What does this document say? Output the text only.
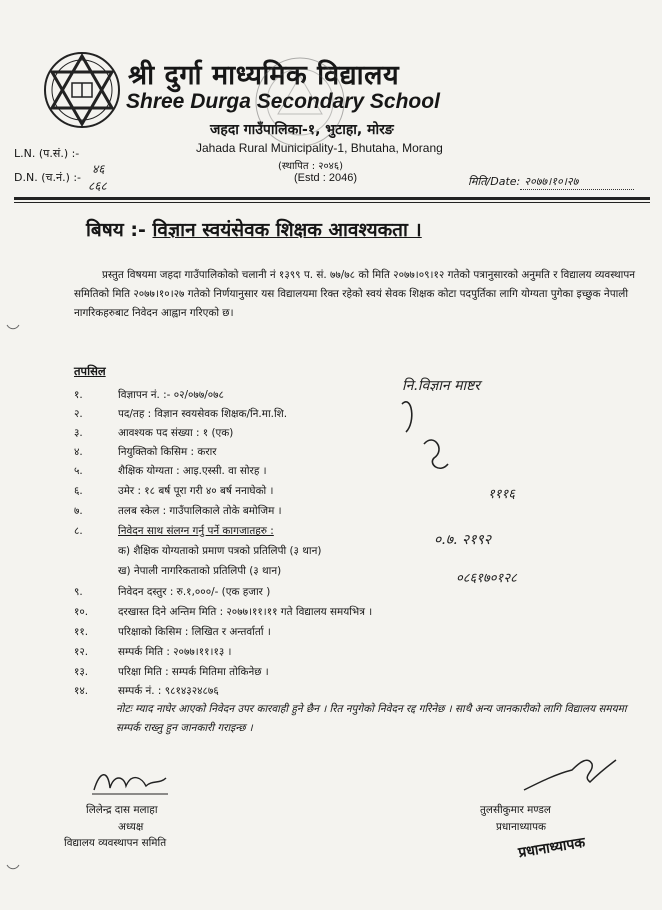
श्री दुर्गा माध्यमिक विद्यालय
Shree Durga Secondary School
जहदा गाउँपालिका-१, भुटाहा, मोरङ
Jahada Rural Municipality-1, Bhutaha, Morang
(स्थापित : २०४६)
(Estd : 2046)
L.N. (प.सं.) :-
D.N. (च.नं.) :-
४६
८६८	मिति/Date: २०७७।१०।२७
बिषय :- विज्ञान स्वयंसेवक शिक्षक आवश्यकता ।
प्रस्तुत विषयमा जहदा गाउँपालिकोको चलानी नं १३९९ प. सं. ७७/७८ को मिति २०७७।०९।१२ गतेको पत्रानुसारको अनुमति र विद्यालय व्यवस्थापन समितिको मिति २०७७।१०।२७ गतेको निर्णयानुसार यस विद्यालयमा रिक्त रहेको स्वयं सेवक शिक्षक कोटा पदपुर्तिका लागि योग्यता पुगेका इच्छुक नेपाली नागरिकहरुबाट निवेदन आह्वान गरिएको छ।
तपसिल
१.	विज्ञापन नं. :- ०२/०७७/०७८
२.	पद/तह : विज्ञान स्वयसेवक शिक्षक/नि.मा.शि.
३.	आवश्यक पद संख्या : १ (एक)
४.	नियुक्तिको किसिम : करार
५.	शैक्षिक योग्यता : आइ.एस्सी. वा सोरह ।
६.	उमेर : १८ बर्ष पूरा गरी ४० बर्ष ननाघेको ।
७.	तलब स्केल : गाउँपालिकाले तोके बमोजिम ।
८.	निवेदन साथ संलग्न गर्नु पर्ने कागजातहरु :
क) शैक्षिक योग्यताको प्रमाण पत्रको प्रतिलिपी (३ थान)
ख) नेपाली नागरिकताको प्रतिलिपी (३ थान)
९.	निवेदन दस्तुर : रु.१,०००/- (एक हजार )
१०.	दरखास्त दिने अन्तिम मिति : २०७७।११।११ गते विद्यालय समयभित्र ।
११.	परिक्षाको किसिम : लिखित र अन्तर्वार्ता ।
१२.	सम्पर्क मिति : २०७७।११।१३ ।
१३.	परिक्षा मिति : सम्पर्क मितिमा तोकिनेछ ।
१४.	सम्पर्क नं. : ९८१४३२४८७६
नोटः म्याद नाघेर आएको निवेदन उपर कारवाही हुने छैन । रित नपुगेको निवेदन रद्द गरिनेछ । साथै अन्य जानकारीको लागि विद्यालय समयमा सम्पर्क राख्नु हुन जानकारी गराइन्छ ।
नि.विज्ञान माष्टर
१११६
०.७. २१९२
०८६१७०१२८
लिलेन्द्र दास मलाहा
अध्यक्ष
विद्यालय व्यवस्थापन समिति
तुलसीकुमार मण्डल
प्रधानाध्यापक
प्रधानाध्यापक
